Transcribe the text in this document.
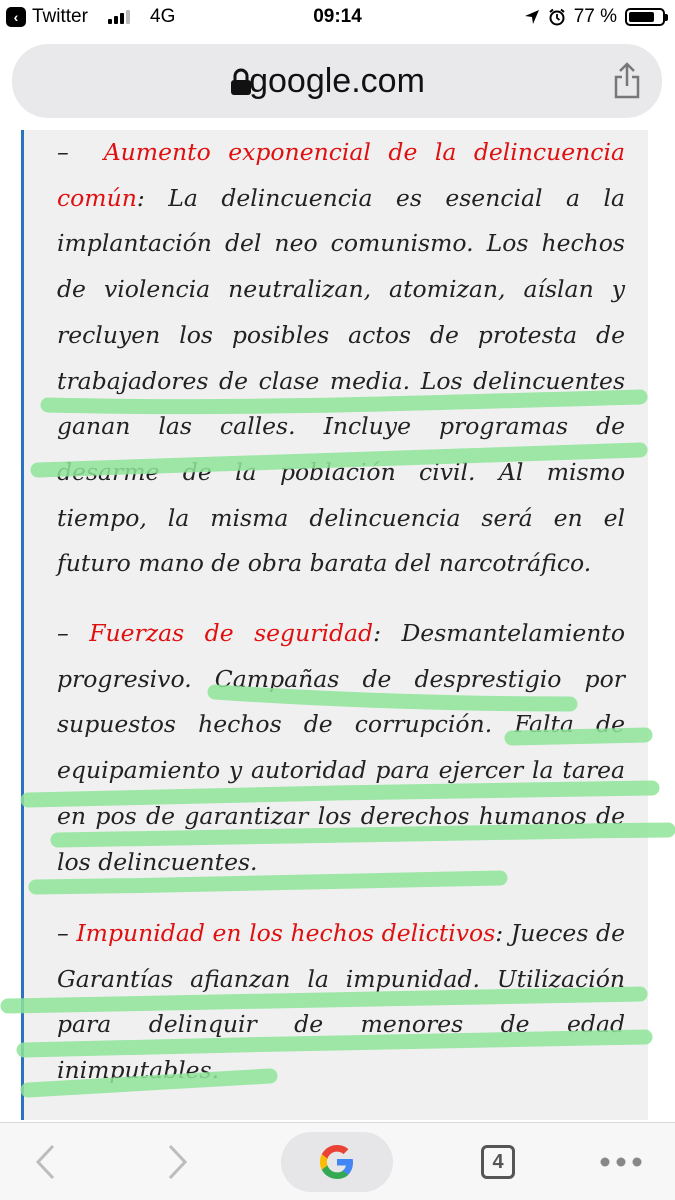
‹ Twitter	4G	09:14	77 %
google.com
– Aumento exponencial de la delincuencia común: La delincuencia es esencial a la implantación del neo comunismo. Los hechos de violencia neutralizan, atomizan, aíslan y recluyen los posibles actos de protesta de trabajadores de clase media. Los delincuentes ganan las calles. Incluye programas de desarme de la población civil. Al mismo tiempo, la misma delincuencia será en el futuro mano de obra barata del narcotráfico.
– Fuerzas de seguridad: Desmantelamiento progresivo. Campañas de desprestigio por supuestos hechos de corrupción. Falta de equipamiento y autoridad para ejercer la tarea en pos de garantizar los derechos humanos de los delincuentes.
– Impunidad en los hechos delictivos: Jueces de Garantías afianzan la impunidad. Utilización para delinquir de menores de edad inimputables.
4
